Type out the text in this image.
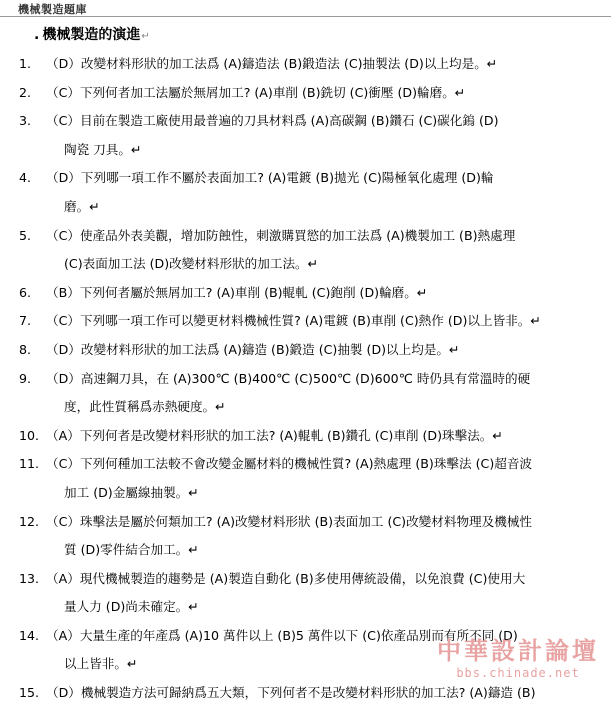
機械製造題庫
. 機械製造的演進↵
1. （D）改變材料形狀的加工法爲 (A)鑄造法 (B)鍛造法 (C)抽製法 (D)以上均是。↵
2. （C）下列何者加工法屬於無屑加工? (A)車削 (B)銑切 (C)衝壓 (D)輪磨。↵
3. （C）目前在製造工廠使用最普遍的刀具材料爲 (A)高碳鋼 (B)鑽石 (C)碳化鎢 (D)
陶瓷 刀具。↵
4. （D）下列哪一項工作不屬於表面加工? (A)電鍍 (B)拋光 (C)陽極氧化處理 (D)輪
磨。↵
5. （C）使產品外表美觀，增加防蝕性，刺激購買慾的加工法爲 (A)機製加工 (B)熱處理
(C)表面加工法 (D)改變材料形狀的加工法。↵
6. （B）下列何者屬於無屑加工? (A)車削 (B)輥軋 (C)鉋削 (D)輪磨。↵
7. （C）下列哪一項工作可以變更材料機械性質? (A)電鍍 (B)車削 (C)熱作 (D)以上皆非。↵
8. （D）改變材料形狀的加工法爲 (A)鑄造 (B)鍛造 (C)抽製 (D)以上均是。↵
9. （D）高速鋼刀具，在 (A)300℃ (B)400℃ (C)500℃ (D)600℃ 時仍具有常溫時的硬
度，此性質稱爲赤熱硬度。↵
10. （A）下列何者是改變材料形狀的加工法? (A)輥軋 (B)鑽孔 (C)車削 (D)珠擊法。↵
11. （C）下列何種加工法較不會改變金屬材料的機械性質? (A)熱處理 (B)珠擊法 (C)超音波
加工 (D)金屬線抽製。↵
12. （C）珠擊法是屬於何類加工? (A)改變材料形狀 (B)表面加工 (C)改變材料物理及機械性
質 (D)零件結合加工。↵
13. （A）現代機械製造的趨勢是 (A)製造自動化 (B)多使用傳統設備，以免浪費 (C)使用大
量人力 (D)尚未確定。↵
14. （A）大量生產的年產爲 (A)10 萬件以上 (B)5 萬件以下 (C)依產品別而有所不同 (D)
以上皆非。↵
15. （D）機械製造方法可歸納爲五大類，下列何者不是改變材料形狀的加工法? (A)鑄造 (B)
中華設計論壇
bbs.chinade.net
